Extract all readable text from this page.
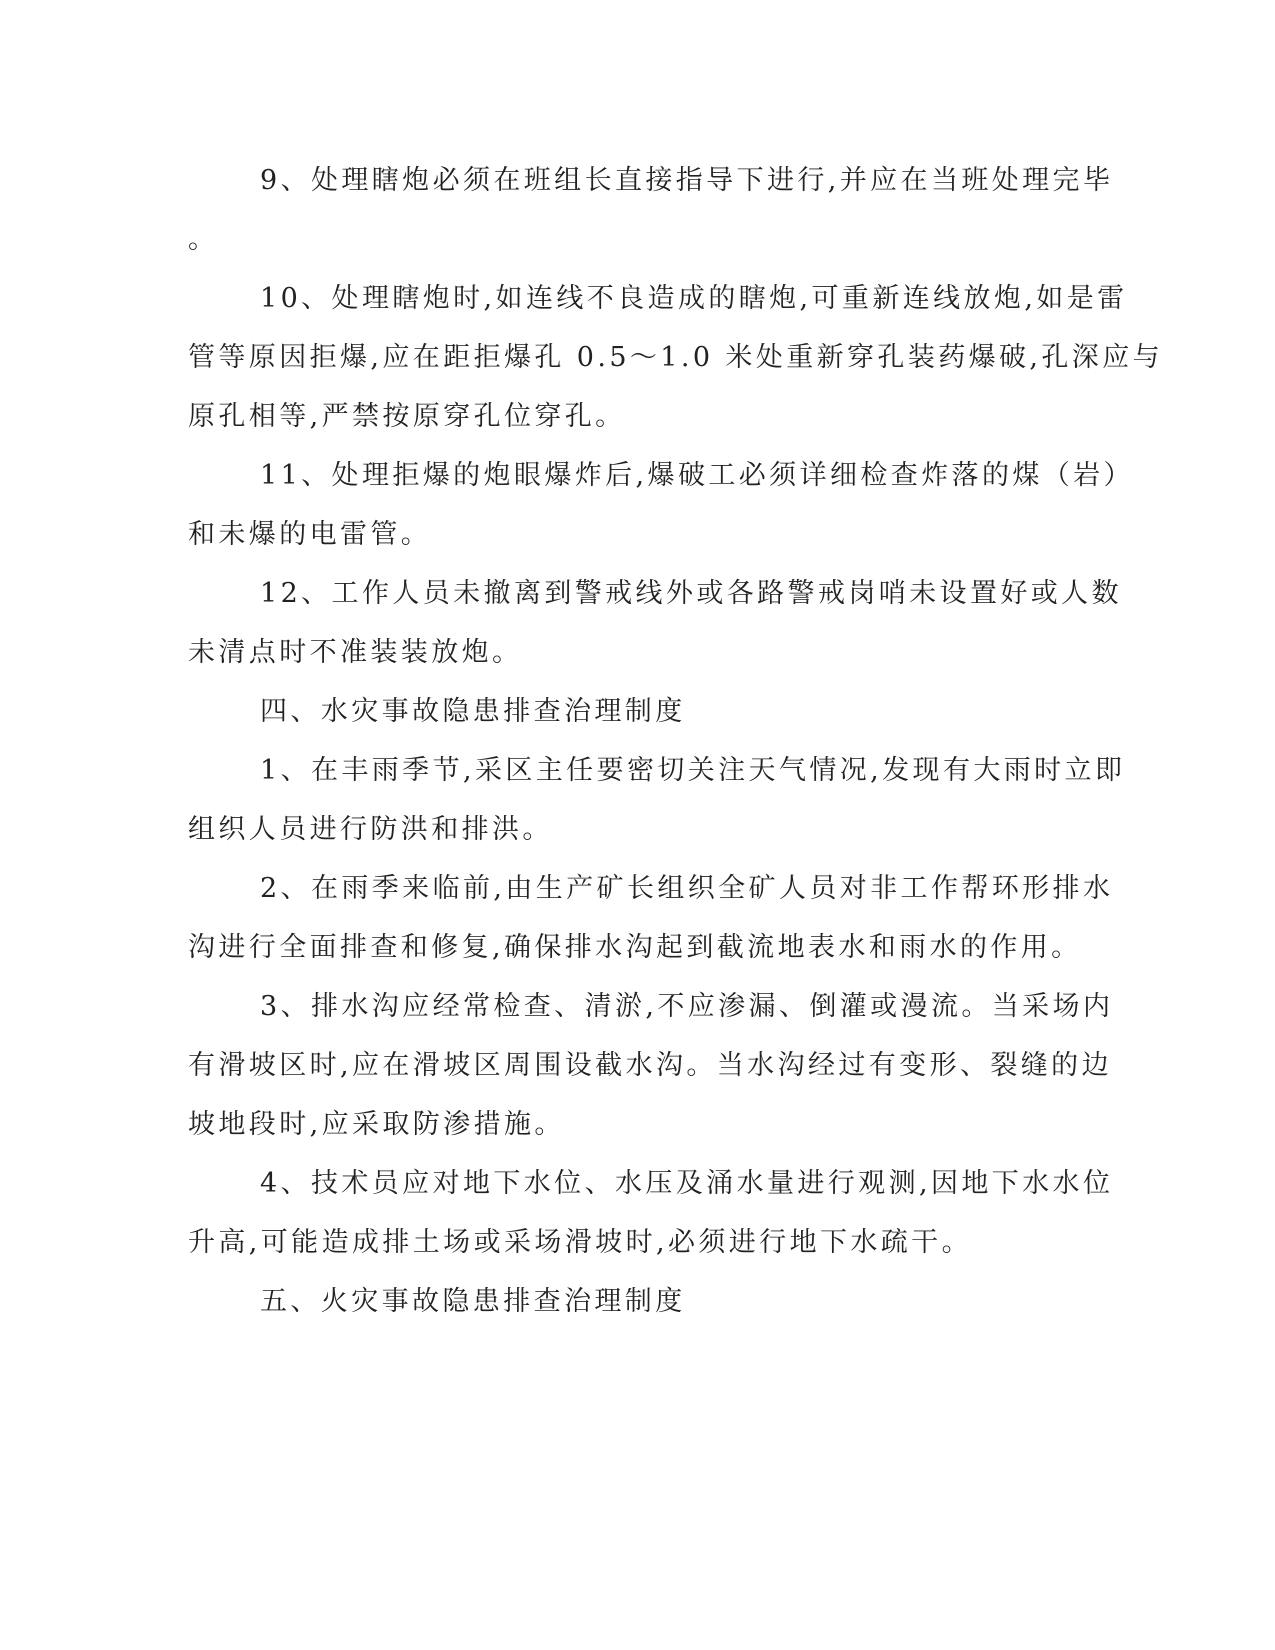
9、处理瞎炮必须在班组长直接指导下进行,并应在当班处理完毕
。
10、处理瞎炮时,如连线不良造成的瞎炮,可重新连线放炮,如是雷
管等原因拒爆,应在距拒爆孔 0.5～1.0 米处重新穿孔装药爆破,孔深应与
原孔相等,严禁按原穿孔位穿孔。
11、处理拒爆的炮眼爆炸后,爆破工必须详细检查炸落的煤（岩）
和未爆的电雷管。
12、工作人员未撤离到警戒线外或各路警戒岗哨未设置好或人数
未清点时不准装装放炮。
四、水灾事故隐患排查治理制度
1、在丰雨季节,采区主任要密切关注天气情况,发现有大雨时立即
组织人员进行防洪和排洪。
2、在雨季来临前,由生产矿长组织全矿人员对非工作帮环形排水
沟进行全面排查和修复,确保排水沟起到截流地表水和雨水的作用。
3、排水沟应经常检查、清淤,不应渗漏、倒灌或漫流。当采场内
有滑坡区时,应在滑坡区周围设截水沟。当水沟经过有变形、裂缝的边
坡地段时,应采取防渗措施。
4、技术员应对地下水位、水压及涌水量进行观测,因地下水水位
升高,可能造成排土场或采场滑坡时,必须进行地下水疏干。
五、火灾事故隐患排查治理制度
